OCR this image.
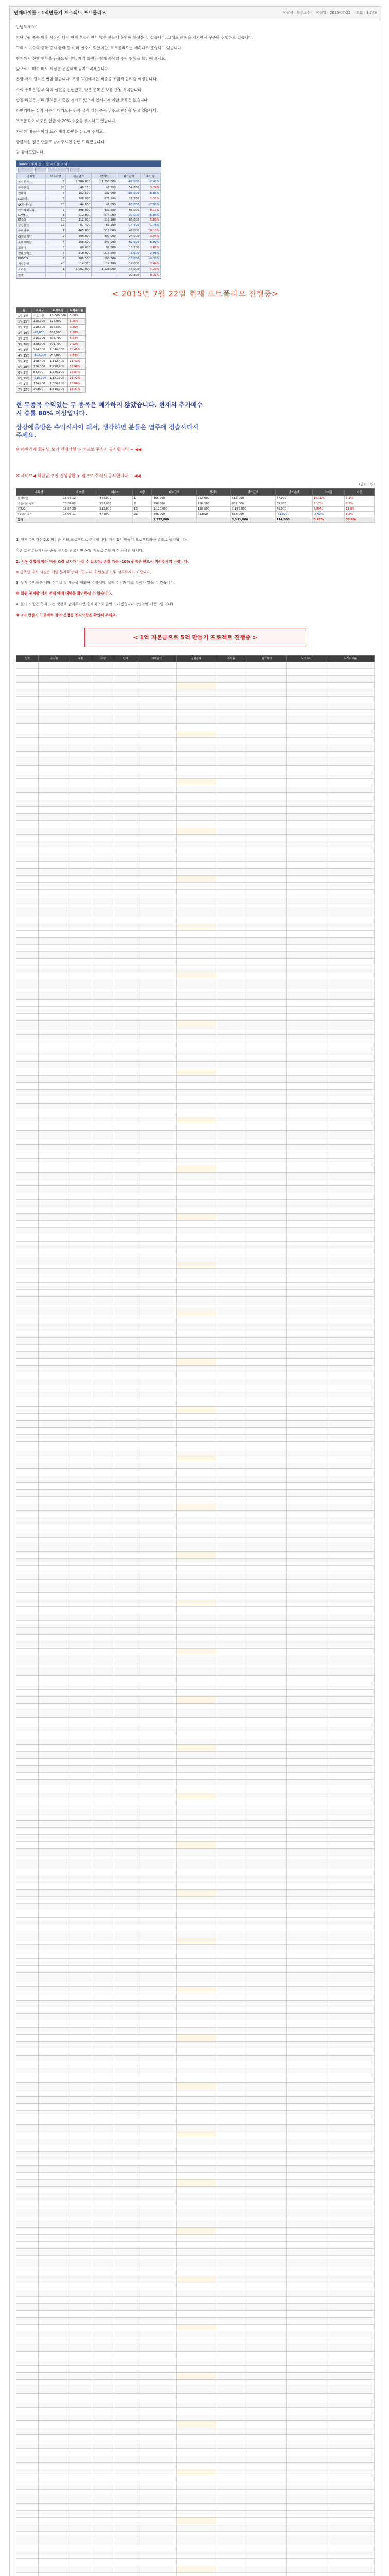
연재타이틀 · 1억만들기 프로젝트 포트폴리오	작성자 : 블루오션 작성일 : 2015-07-22 조회 : 1,248
안녕하세요.
지난 7월 중순 이후 시장이 다시 한번 흔들리면서 많은 분들이 불안해 하셨을 것 같습니다. 그래도 원칙을 지키면서 꾸준히 진행하고 있습니다.
그리스 이슈와 중국 증시 급락 등 여러 변수가 있었지만, 포트폴리오는 계획대로 운영되고 있습니다.
현재까지 진행 현황을 공유드립니다. 계좌 화면과 함께 종목별 수익 현황을 확인해 보세요.
앞으로도 매수 매도 시점은 동일하게 공지드리겠습니다.
분할 매수 원칙은 변함 없습니다. 조정 구간에서는 비중을 조금씩 늘려갈 예정입니다.
수익 종목은 일부 차익 실현을 진행했고, 남은 종목은 보유 관점 유지합니다.
손절 라인은 미리 정해둔 기준을 지키고 있으며 현재까지 이탈 종목은 없습니다.
하반기에는 실적 시즌이 다가오는 만큼 실적 개선 종목 위주로 관심을 두고 있습니다.
포트폴리오 비중은 현금 약 20% 수준을 유지하고 있습니다.
자세한 내용은 아래 표와 계좌 화면을 참고해 주세요.
궁금하신 점은 댓글로 남겨주시면 답변 드리겠습니다.
늘 감사드립니다.
[0800] 계좌 잔고 및 수익률 조회
종목명	보유수량	평균단가	현재가	평가손익	수익률
삼성전자	2	1,286,000	1,255,000	-62,000	-2.41%
한국전력	30	48,150	49,950	54,000	3.74%
현대차	8	152,500	139,000	-108,000	-8.85%
LG화학	5	268,000	271,500	17,500	1.31%
SK하이닉스	20	44,800	41,650	-63,000	-7.03%
아모레퍼시픽	2	398,000	430,500	65,000	8.17%
NAVER	1	612,000	575,000	-37,000	-6.05%
KT&G	10	112,000	118,500	65,000	5.80%
삼성물산	12	67,400	66,200	-14,400	-1.78%
한미약품	1	465,000	512,000	47,000	10.11%
CJ제일제당	2	395,000	407,000	24,000	3.04%
롯데케미칼	4	258,500	243,000	-62,000	-6.00%
코웨이	6	89,600	92,300	16,200	3.01%
현대모비스	3	218,000	213,500	-13,500	-2.06%
POSCO	2	208,500	199,500	-18,000	-4.32%
기업은행	40	14,350	14,700	14,000	2.44%
오리온	1	1,082,000	1,128,000	46,000	4.25%
합계				30,800	0.31%
< 2015년 7월 22일 현재 포트폴리오 진행중>
월	수익금	누적수익	누적수익률
1월 1일	기초자산	10,000,000	0.00%
1월 15일	125,000	125,000	1.25%
2월 2일	210,500	335,500	3.36%
2월 16일	-48,000	287,500	2.88%
3월 2일	316,200	603,700	6.04%
3월 16일	188,000	791,700	7.92%
4월 1일	254,300	1,046,000	10.46%
4월 15일	-102,000	944,000	9.44%
5월 4일	198,400	1,142,400	11.42%
5월 18일	156,000	1,298,400	12.98%
6월 1일	88,500	1,386,900	13.87%
6월 15일	-215,000	1,171,900	11.72%
7월 1일	134,200	1,306,100	13.06%
7월 22일	30,800	1,336,900	13.37%
현 두종목 수익있는 두 종목은 매가하지 않았습니다. 현재의 추가매수
시 승률 80% 이상입니다.
삼강에올방은 수익시사이 돼서, 생각하면 분들은 염주에 정습시다시
주세요.
※ 하반기에 회원님 보인 진행상황 > 점프로 주식시 공시합니다 ~ ◀◀
※ 세이브◀ 회원님 보인 진행상황 > 점프로 주식시 공시합니다 ~ ◀◀
(단위 : 원)
종목명	매수일	매수가	수량	매수금액	현재가	평가금액	평가손익	수익률	비중
한미약품	15.03.12	465,000	1	465,000	512,000	512,000	47,000	10.11%	5.1%
아모레퍼시픽	15.04.02	398,000	2	796,000	430,500	861,000	65,000	8.17%	8.6%
KT&G	15.04.20	112,000	10	1,120,000	118,500	1,185,000	65,000	5.80%	11.8%
SK하이닉스	15.05.11	44,800	20	896,000	41,650	833,000	-63,000	-7.03%	8.3%
합계				3,277,000		3,391,000	114,000	3.48%	33.8%
1. 연재 수익자산 2.0 버전은 서브 프로젝트로 운영합니다. 기존 1억 만들기 프로젝트와는 별도로 공지됩니다.
기존 회원분들께서는 종목 공지를 받으시면 동일 비율로 분할 매수 하시면 됩니다.
2. 시장 상황에 따라 비중 조절 공지가 나갈 수 있으며, 손절 기준 -10% 원칙은 반드시 지켜주시기 바랍니다.
※ 종목별 매도 시점은 개별 문자로 안내드립니다. 회원분들 모두 성투하시기 바랍니다.
3. 누적 수익률은 매매 수수료 및 세금을 제외한 수치이며, 실제 수익과 다소 차이가 있을 수 있습니다.
※ 회원 공지방 에서 전체 매매 내역을 확인하실 수 있습니다.
4. 문의 사항은 쪽지 또는 댓글로 남겨주시면 순차적으로 답변 드리겠습니다. (영업일 기준 1일 이내)
※ 1억 만들기 프로젝트 참여 신청은 공지사항을 확인해 주세요.
< 1억 자본금으로 5억 만들기 프로젝트 진행중 >
일자	종목명	구분	수량	단가	거래금액	실현손익	수익률	잔고평가	누적수익	누적수익률
